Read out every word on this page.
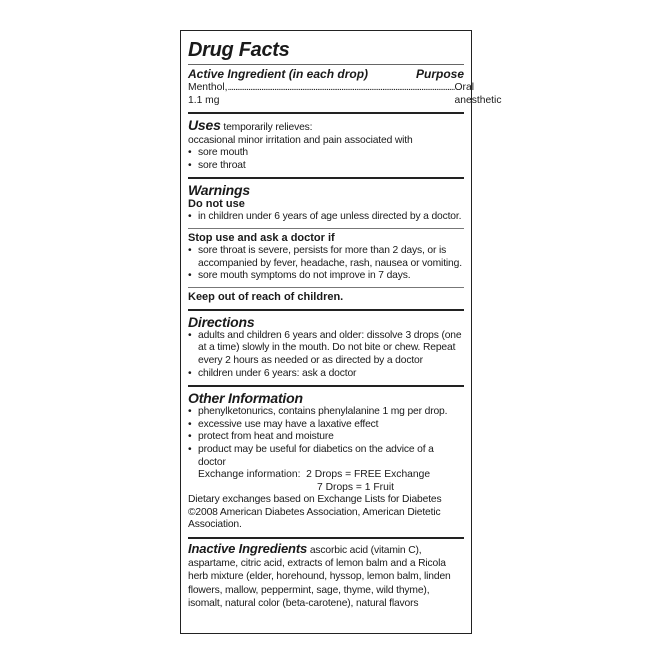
Drug Facts
Active Ingredient (in each drop)	Purpose
Menthol, 1.1 mg
.......................................................................................................................... Oral anesthetic
Uses temporarily relieves:
occasional minor irritation and pain associated with
• sore mouth
• sore throat
Warnings
Do not use
• in children under 6 years of age unless directed by a doctor.
Stop use and ask a doctor if
• sore throat is severe, persists for more than 2 days, or is accompanied by fever, headache, rash, nausea or vomiting.
• sore mouth symptoms do not improve in 7 days.
Keep out of reach of children.
Directions
• adults and children 6 years and older: dissolve 3 drops (one at a time) slowly in the mouth. Do not bite or chew. Repeat every 2 hours as needed or as directed by a doctor
• children under 6 years: ask a doctor
Other Information
• phenylketonurics, contains phenylalanine 1 mg per drop.
• excessive use may have a laxative effect
• protect from heat and moisture
• product may be useful for diabetics on the advice of a doctor
Exchange information:  2 Drops = FREE Exchange
7 Drops = 1 Fruit
Dietary exchanges based on Exchange Lists for Diabetes
©2008 American Diabetes Association, American Dietetic Association.
Inactive Ingredients ascorbic acid (vitamin C), aspartame, citric acid, extracts of lemon balm and a Ricola herb mixture (elder, horehound, hyssop, lemon balm, linden flowers, mallow, peppermint, sage, thyme, wild thyme), isomalt, natural color (beta-carotene), natural flavors
